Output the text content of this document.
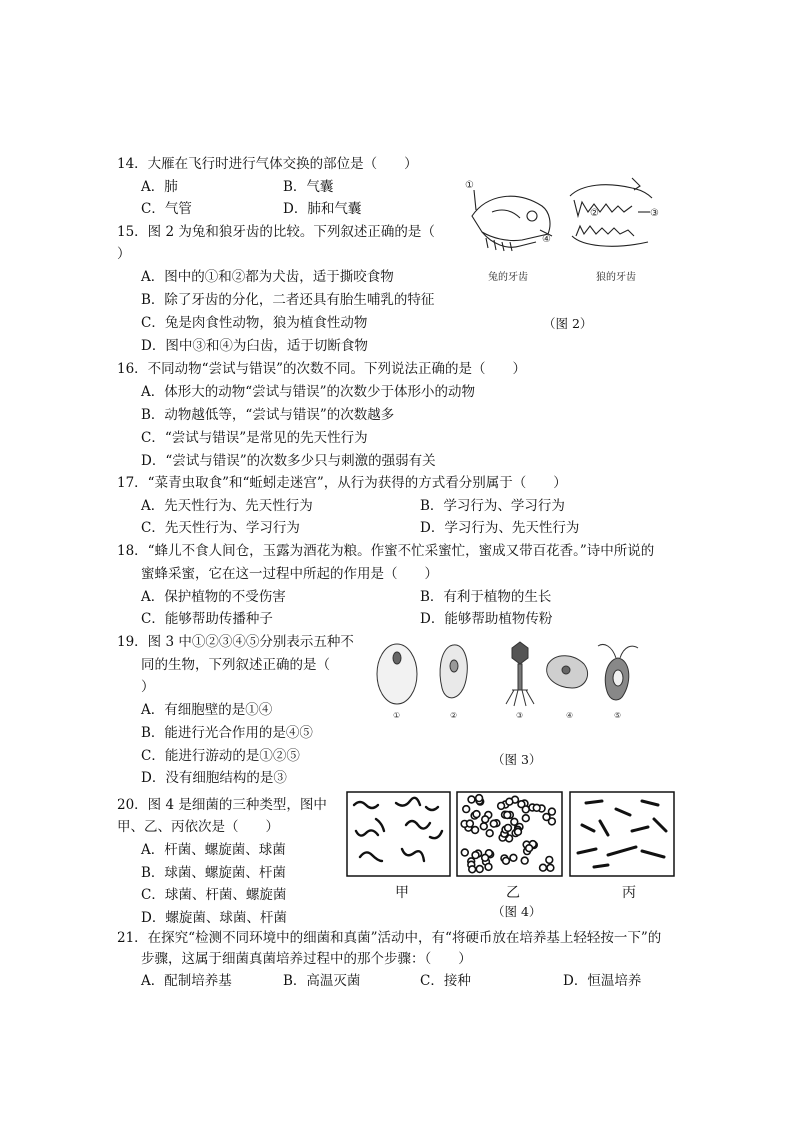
14．大雁在飞行时进行气体交换的部位是（　　）
A．肺	B．气囊
C．气管	D．肺和气囊
15．图 2 为兔和狼牙齿的比较。下列叙述正确的是（
）
A．图中的①和②都为犬齿，适于撕咬食物
B．除了牙齿的分化，二者还具有胎生哺乳的特征
C．兔是肉食性动物，狼为植食性动物
D．图中③和④为臼齿，适于切断食物
①
②	③
④
兔的牙齿	狼的牙齿
（图 2）
16．不同动物“尝试与错误”的次数不同。下列说法正确的是（　　）
A．体形大的动物“尝试与错误”的次数少于体形小的动物
B．动物越低等，“尝试与错误”的次数越多
C．“尝试与错误”是常见的先天性行为
D．“尝试与错误”的次数多少只与刺激的强弱有关
17．“菜青虫取食”和“蚯蚓走迷宫”，从行为获得的方式看分别属于（　　）
A．先天性行为、先天性行为	B．学习行为、学习行为
C．先天性行为、学习行为	D．学习行为、先天性行为
18．“蜂儿不食人间仓，玉露为酒花为粮。作蜜不忙采蜜忙，蜜成又带百花香。”诗中所说的
蜜蜂采蜜，它在这一过程中所起的作用是（　　）
A．保护植物的不受伤害	B．有利于植物的生长
C．能够帮助传播种子	D．能够帮助植物传粉
19．图 3 中①②③④⑤分别表示五种不
同的生物，下列叙述正确的是（
）
A．有细胞壁的是①④
B．能进行光合作用的是④⑤
C．能进行游动的是①②⑤
D．没有细胞结构的是③
①	②	③	④	⑤
（图 3）
20．图 4 是细菌的三种类型，图中
甲、乙、丙依次是（　　）
A．杆菌、螺旋菌、球菌
B．球菌、螺旋菌、杆菌
C．球菌、杆菌、螺旋菌
D．螺旋菌、球菌、杆菌
甲	乙	丙
（图 4）
21．在探究“检测不同环境中的细菌和真菌”活动中，有“将硬币放在培养基上轻轻按一下”的
步骤，这属于细菌真菌培养过程中的那个步骤：（　　）
A．配制培养基	B．高温灭菌	C．接种	D．恒温培养
